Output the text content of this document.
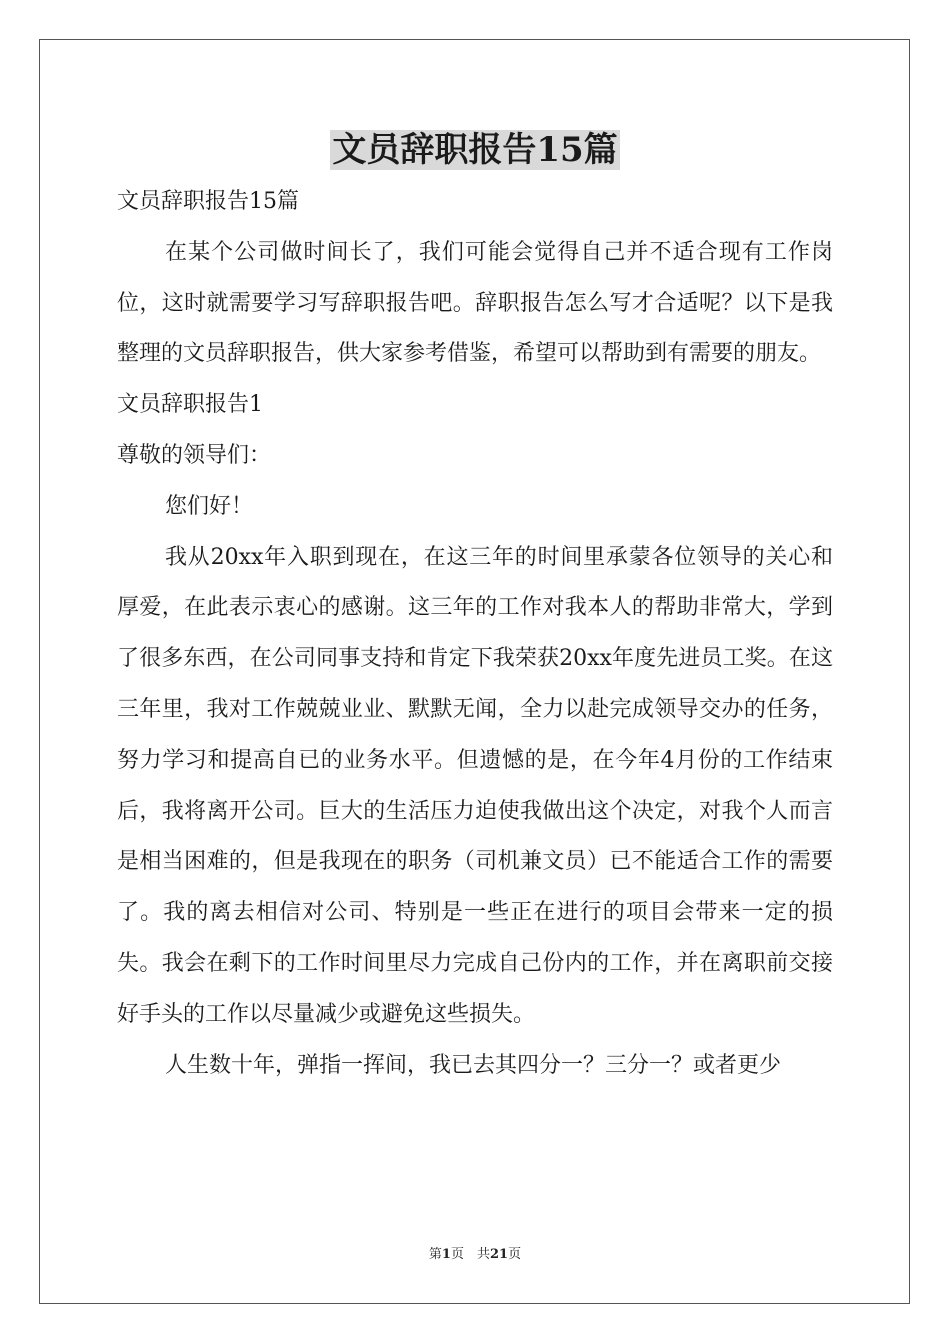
文员辞职报告15篇

文员辞职报告15篇

在某个公司做时间长了，我们可能会觉得自己并不适合现有工作岗位，这时就需要学习写辞职报告吧。辞职报告怎么写才合适呢？以下是我整理的文员辞职报告，供大家参考借鉴，希望可以帮助到有需要的朋友。

文员辞职报告1

尊敬的领导们：

您们好！

我从20xx年入职到现在，在这三年的时间里承蒙各位领导的关心和厚爱，在此表示衷心的感谢。这三年的工作对我本人的帮助非常大，学到了很多东西，在公司同事支持和肯定下我荣获20xx年度先进员工奖。在这三年里，我对工作兢兢业业、默默无闻，全力以赴完成领导交办的任务，努力学习和提高自已的业务水平。但遗憾的是，在今年4月份的工作结束后，我将离开公司。巨大的生活压力迫使我做出这个决定，对我个人而言是相当困难的，但是我现在的职务（司机兼文员）已不能适合工作的需要了。我的离去相信对公司、特别是一些正在进行的项目会带来一定的损失。我会在剩下的工作时间里尽力完成自己份内的工作，并在离职前交接好手头的工作以尽量减少或避免这些损失。

人生数十年，弹指一挥间，我已去其四分一？三分一？或者更少

第1页　共21页
